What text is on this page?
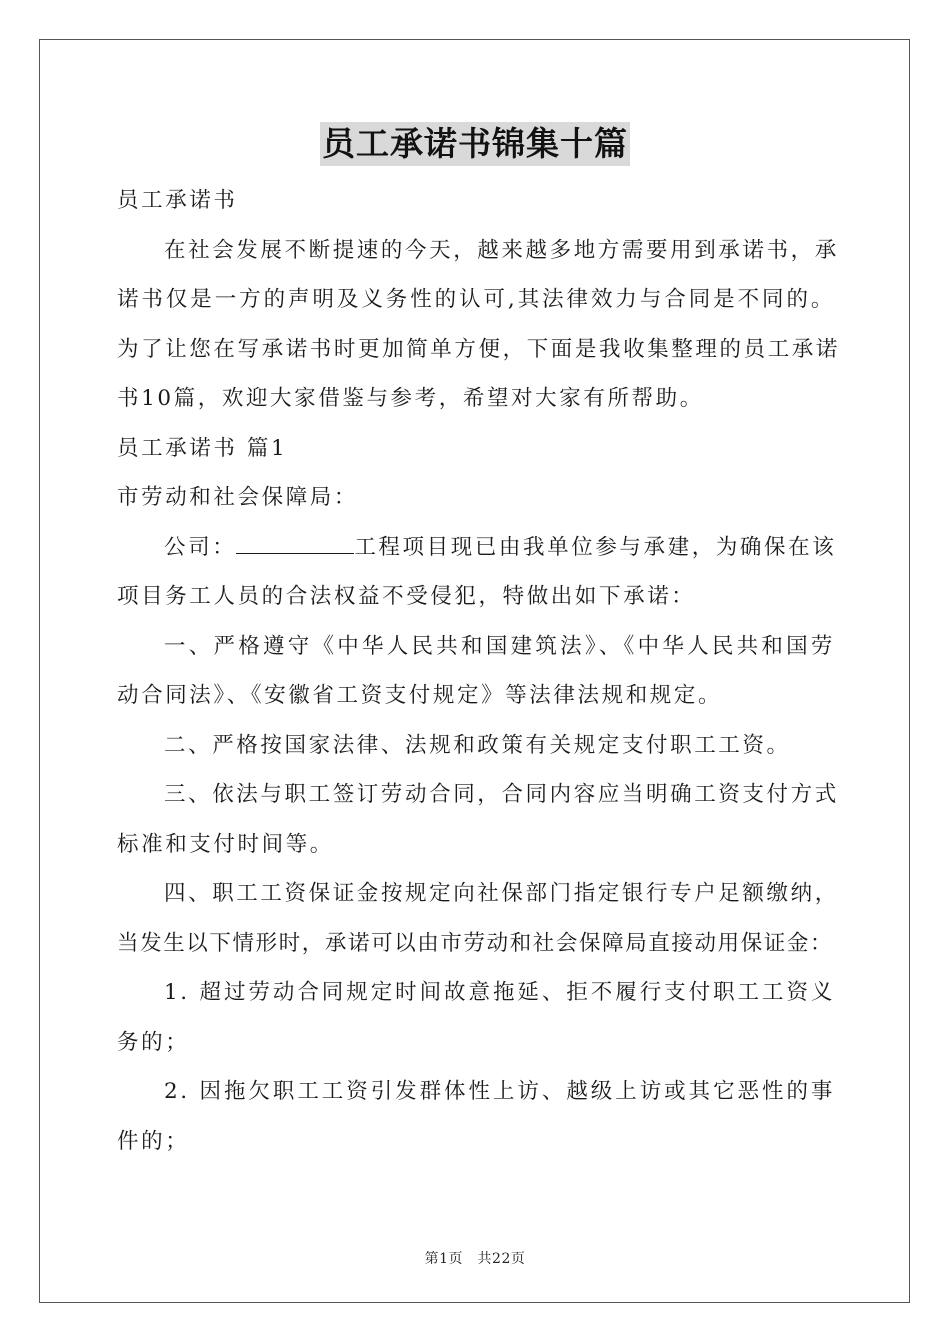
员工承诺书锦集十篇

员工承诺书

在社会发展不断提速的今天，越来越多地方需要用到承诺书，承

诺书仅是一方的声明及义务性的认可,其法律效力与合同是不同的。

为了让您在写承诺书时更加简单方便，下面是我收集整理的员工承诺

书10篇，欢迎大家借鉴与参考，希望对大家有所帮助。

员工承诺书 篇1

市劳动和社会保障局：

公司：	工程项目现已由我单位参与承建，为确保在该

项目务工人员的合法权益不受侵犯，特做出如下承诺：

一、严格遵守《中华人民共和国建筑法》、《中华人民共和国劳

动合同法》、《安徽省工资支付规定》等法律法规和规定。

二、严格按国家法律、法规和政策有关规定支付职工工资。

三、依法与职工签订劳动合同，合同内容应当明确工资支付方式

标准和支付时间等。

四、职工工资保证金按规定向社保部门指定银行专户足额缴纳，

当发生以下情形时，承诺可以由市劳动和社会保障局直接动用保证金：

1. 超过劳动合同规定时间故意拖延、拒不履行支付职工工资义

务的；

2. 因拖欠职工工资引发群体性上访、越级上访或其它恶性的事

件的；

第1页　共22页
